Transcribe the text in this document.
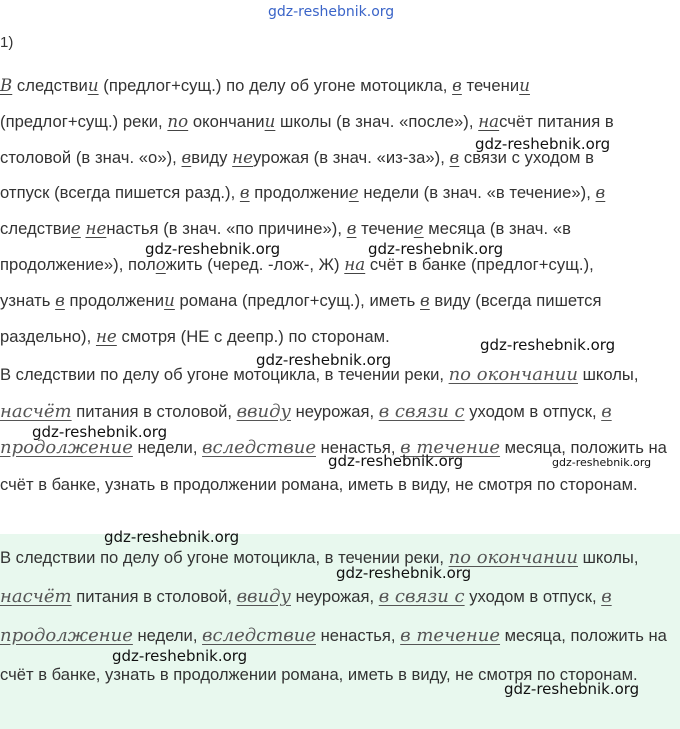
gdz-reshebnik.org
1)
В следствии (предлог+сущ.) по делу об угоне мотоцикла, в течении
(предлог+сущ.) реки, по окончании школы (в знач. «после»), насчёт питания в
столовой (в знач. «о»), ввиду неурожая (в знач. «из-за»), в связи с уходом в
отпуск (всегда пишется разд.), в продолжение недели (в знач. «в течение»), в
следствие ненастья (в знач. «по причине»), в течение месяца (в знач. «в
продолжение»), положить (черед. -лож-, Ж) на счёт в банке (предлог+сущ.),
узнать в продолжении романа (предлог+сущ.), иметь в виду (всегда пишется
раздельно), не смотря (НЕ с деепр.) по сторонам.
В следствии по делу об угоне мотоцикла, в течении реки, по окончании школы, насчёт питания в столовой, ввиду неурожая, в связи с уходом в отпуск, в продолжение недели, вследствие ненастья, в течение месяца, положить на счёт в банке, узнать в продолжении романа, иметь в виду, не смотря по сторонам.
В следствии по делу об угоне мотоцикла, в течении реки, по окончании школы, насчёт питания в столовой, ввиду неурожая, в связи с уходом в отпуск, в продолжение недели, вследствие ненастья, в течение месяца, положить на счёт в банке, узнать в продолжении романа, иметь в виду, не смотря по сторонам.
gdz-reshebnik.org
gdz-reshebnik.org	gdz-reshebnik.org
gdz-reshebnik.org
gdz-reshebnik.org
gdz-reshebnik.org
gdz-reshebnik.org	gdz-reshebnik.org
gdz-reshebnik.org
gdz-reshebnik.org
gdz-reshebnik.org
gdz-reshebnik.org
